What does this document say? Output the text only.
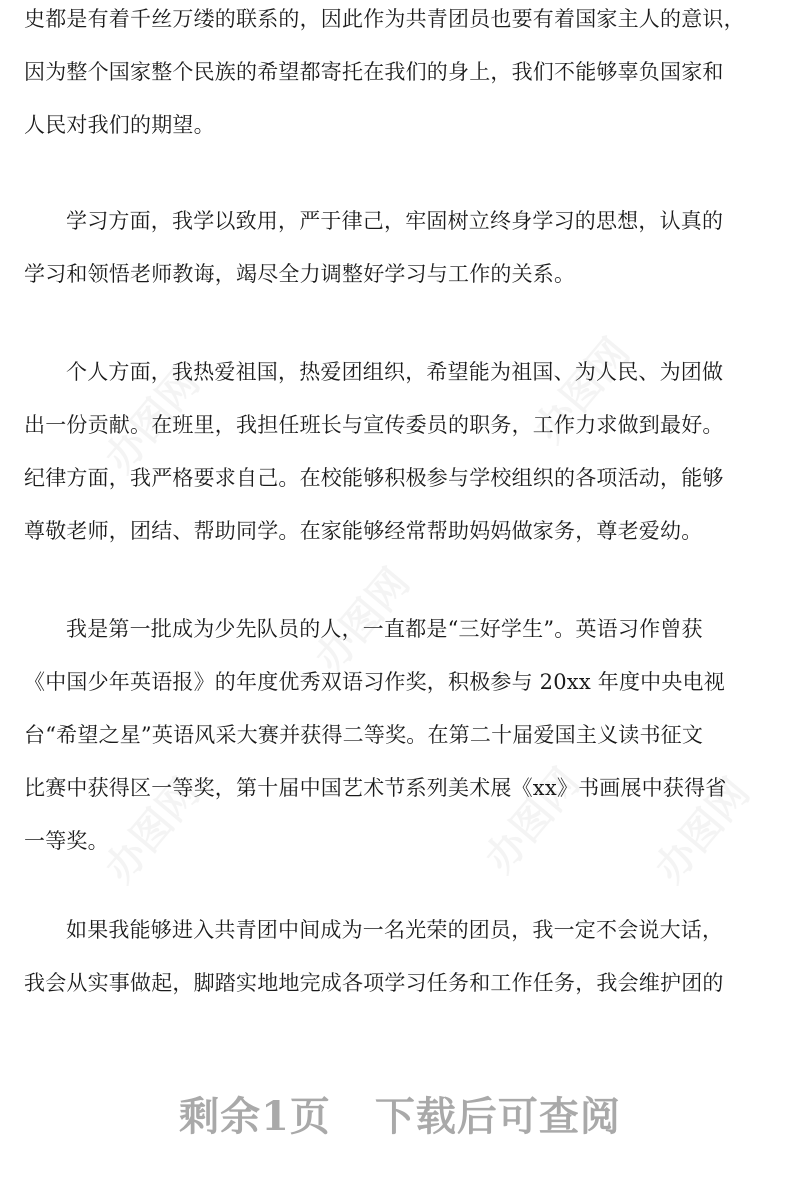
史都是有着千丝万缕的联系的，因此作为共青团员也要有着国家主人的意识，
因为整个国家整个民族的希望都寄托在我们的身上，我们不能够辜负国家和
人民对我们的期望。
学习方面，我学以致用，严于律己，牢固树立终身学习的思想，认真的
学习和领悟老师教诲，竭尽全力调整好学习与工作的关系。
个人方面，我热爱祖国，热爱团组织，希望能为祖国、为人民、为团做
出一份贡献。在班里，我担任班长与宣传委员的职务，工作力求做到最好。
纪律方面，我严格要求自己。在校能够积极参与学校组织的各项活动，能够
尊敬老师，团结、帮助同学。在家能够经常帮助妈妈做家务，尊老爱幼。
我是第一批成为少先队员的人，一直都是“三好学生”。英语习作曾获
《中国少年英语报》的年度优秀双语习作奖，积极参与 20xx 年度中央电视
台“希望之星”英语风采大赛并获得二等奖。在第二十届爱国主义读书征文
比赛中获得区一等奖，第十届中国艺术节系列美术展《xx》书画展中获得省
一等奖。
如果我能够进入共青团中间成为一名光荣的团员，我一定不会说大话，
我会从实事做起，脚踏实地地完成各项学习任务和工作任务，我会维护团的
剩余1页 下载后可查阅
